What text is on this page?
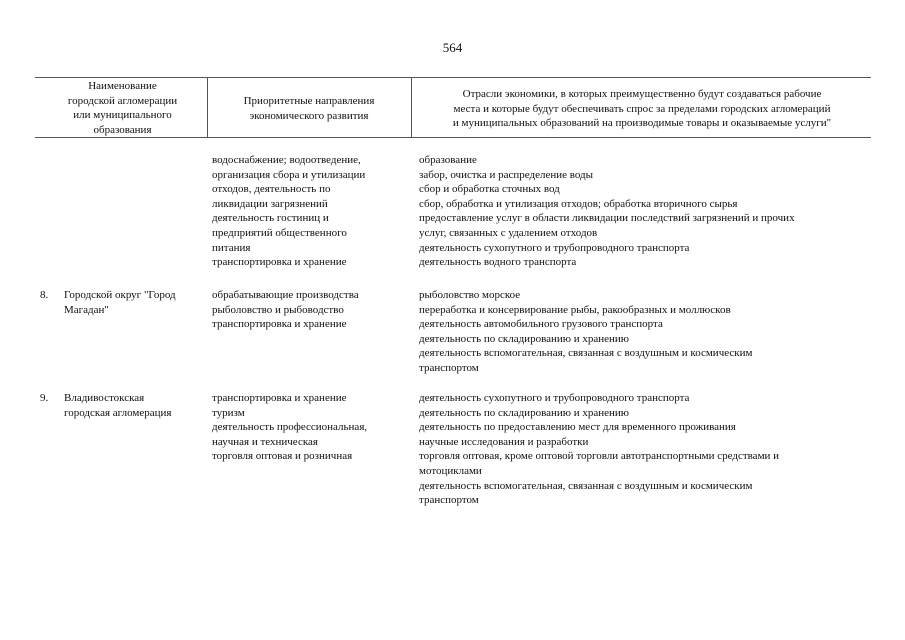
564
Наименование
городской агломерации
или муниципального
образования
Приоритетные направления
экономического развития
Отрасли экономики, в которых преимущественно будут создаваться рабочие
места и которые будут обеспечивать спрос за пределами городских агломераций
и муниципальных образований на производимые товары и оказываемые услуги"
водоснабжение; водоотведение,
организация сбора и утилизации
отходов, деятельность по
ликвидации загрязнений
деятельность гостиниц и
предприятий общественного
питания
транспортировка и хранение
образование
забор, очистка и распределение воды
сбор и обработка сточных вод
сбор, обработка и утилизация отходов; обработка вторичного сырья
предоставление услуг в области ликвидации последствий загрязнений и прочих
услуг, связанных с удалением отходов
деятельность сухопутного и трубопроводного транспорта
деятельность водного транспорта
8. Городской округ "Город
Магадан"
обрабатывающие производства
рыболовство и рыбоводство
транспортировка и хранение
рыболовство морское
переработка и консервирование рыбы, ракообразных и моллюсков
деятельность автомобильного грузового транспорта
деятельность по складированию и хранению
деятельность вспомогательная, связанная с воздушным и космическим
транспортом
9. Владивостокская
городская агломерация
транспортировка и хранение
туризм
деятельность профессиональная,
научная и техническая
торговля оптовая и розничная
деятельность сухопутного и трубопроводного транспорта
деятельность по складированию и хранению
деятельность по предоставлению мест для временного проживания
научные исследования и разработки
торговля оптовая, кроме оптовой торговли автотранспортными средствами и
мотоциклами
деятельность вспомогательная, связанная с воздушным и космическим
транспортом
